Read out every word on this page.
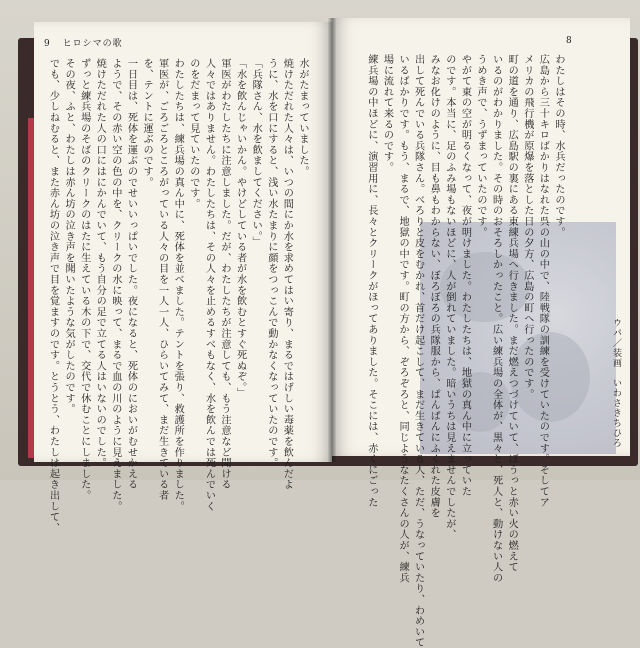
9 ヒロシマの歌	8
わたしはその時、水兵だったのです。
広島から三十キロばかりはなれた呉の山の中で、陸戦隊の訓練を受けていたのです。そしてア
メリカの飛行機が原爆を落とした日の夕方、広島の町へ行ったのです。
町の道を通り、広島駅の裏にある東練兵場へ行きました。まだ燃えつづけていて、ぼうっと赤い火の燃えて
いるのがわかりました。その時のおそろしかったこと。広い練兵場の全体が、黒々と、死人と、動けない人の
うめき声で、うずまっていたのです。
やがて東の空が明るくなって、夜が明けました。わたしたちは、地獄の真ん中に立っていた
のです。本当に、足のふみ場もないほどに、人が倒れていました。暗いうちは見えませんでしたが、
みなお化けのように、目も鼻もわからない、ぼろぼろの兵隊服から、ぱんぱんにふくれた皮膚を
出して死んでいる兵隊さん。べろりと皮をむかれ、首だけ起こして、まだ生きている人、ただ、うなっていたり、わめいて
いるばかりです。もう、まるで、地獄の中です。町の方から、ぞろぞろと、同じようなたくさんの人が、練兵
場に流れて来るのです。
練兵場の中ほどに、演習用に、長々とクリークがほってありました。そこには、赤くにごった
水がたまっていました。
焼けただれた人々は、いつの間にか水を求めてはい寄り、まるではげしい毒薬を飲んだよ
うに、水を口にすると、浅い水たまりに顔をつっこんで動かなくなっていたのです。
「兵隊さん、水を飲ましてください。」
「水を飲んじゃいかん。やけどしている者が水を飲むとすぐ死ぬぞ。」
軍医がわたしたちに注意しました。だが、わたしたちが注意しても、もう注意など聞ける
人々ではありません。わたしたちは、その人々を止めるすべもなく、水を飲んでは死んでいく
のをだまって見ていたのです。
わたしたちは、練兵場の真ん中に、死体を並べました。テントを張り、救護所を作りました。
軍医が、ごろごろところがっている人々の目を一人一人、ひらいてみて、まだ生きている者
を、テントに運ぶのです。
一日目は、死体を運ぶのでせいいっぱいでした。夜になると、死体のにおいがむせかえる
ようで、その赤い空の色の中を、クリークの水に映って、まるで血の川のように見えました。
焼けただれた人の口にはにかんでいて、もう自分の足で立てる人はいないのでした。
ずっと練兵場のそばのクリークのはたに生えている木の下で、交代で休むことにしました。
その夜、ふと、わたしは赤ん坊の泣き声を聞いたような気がしたのです。
でも、少しねむると、また赤ん坊の泣き声で目を覚ますのです。とうとう、わたしは起き出して、	ウパ／装画　いわさきちひろ
